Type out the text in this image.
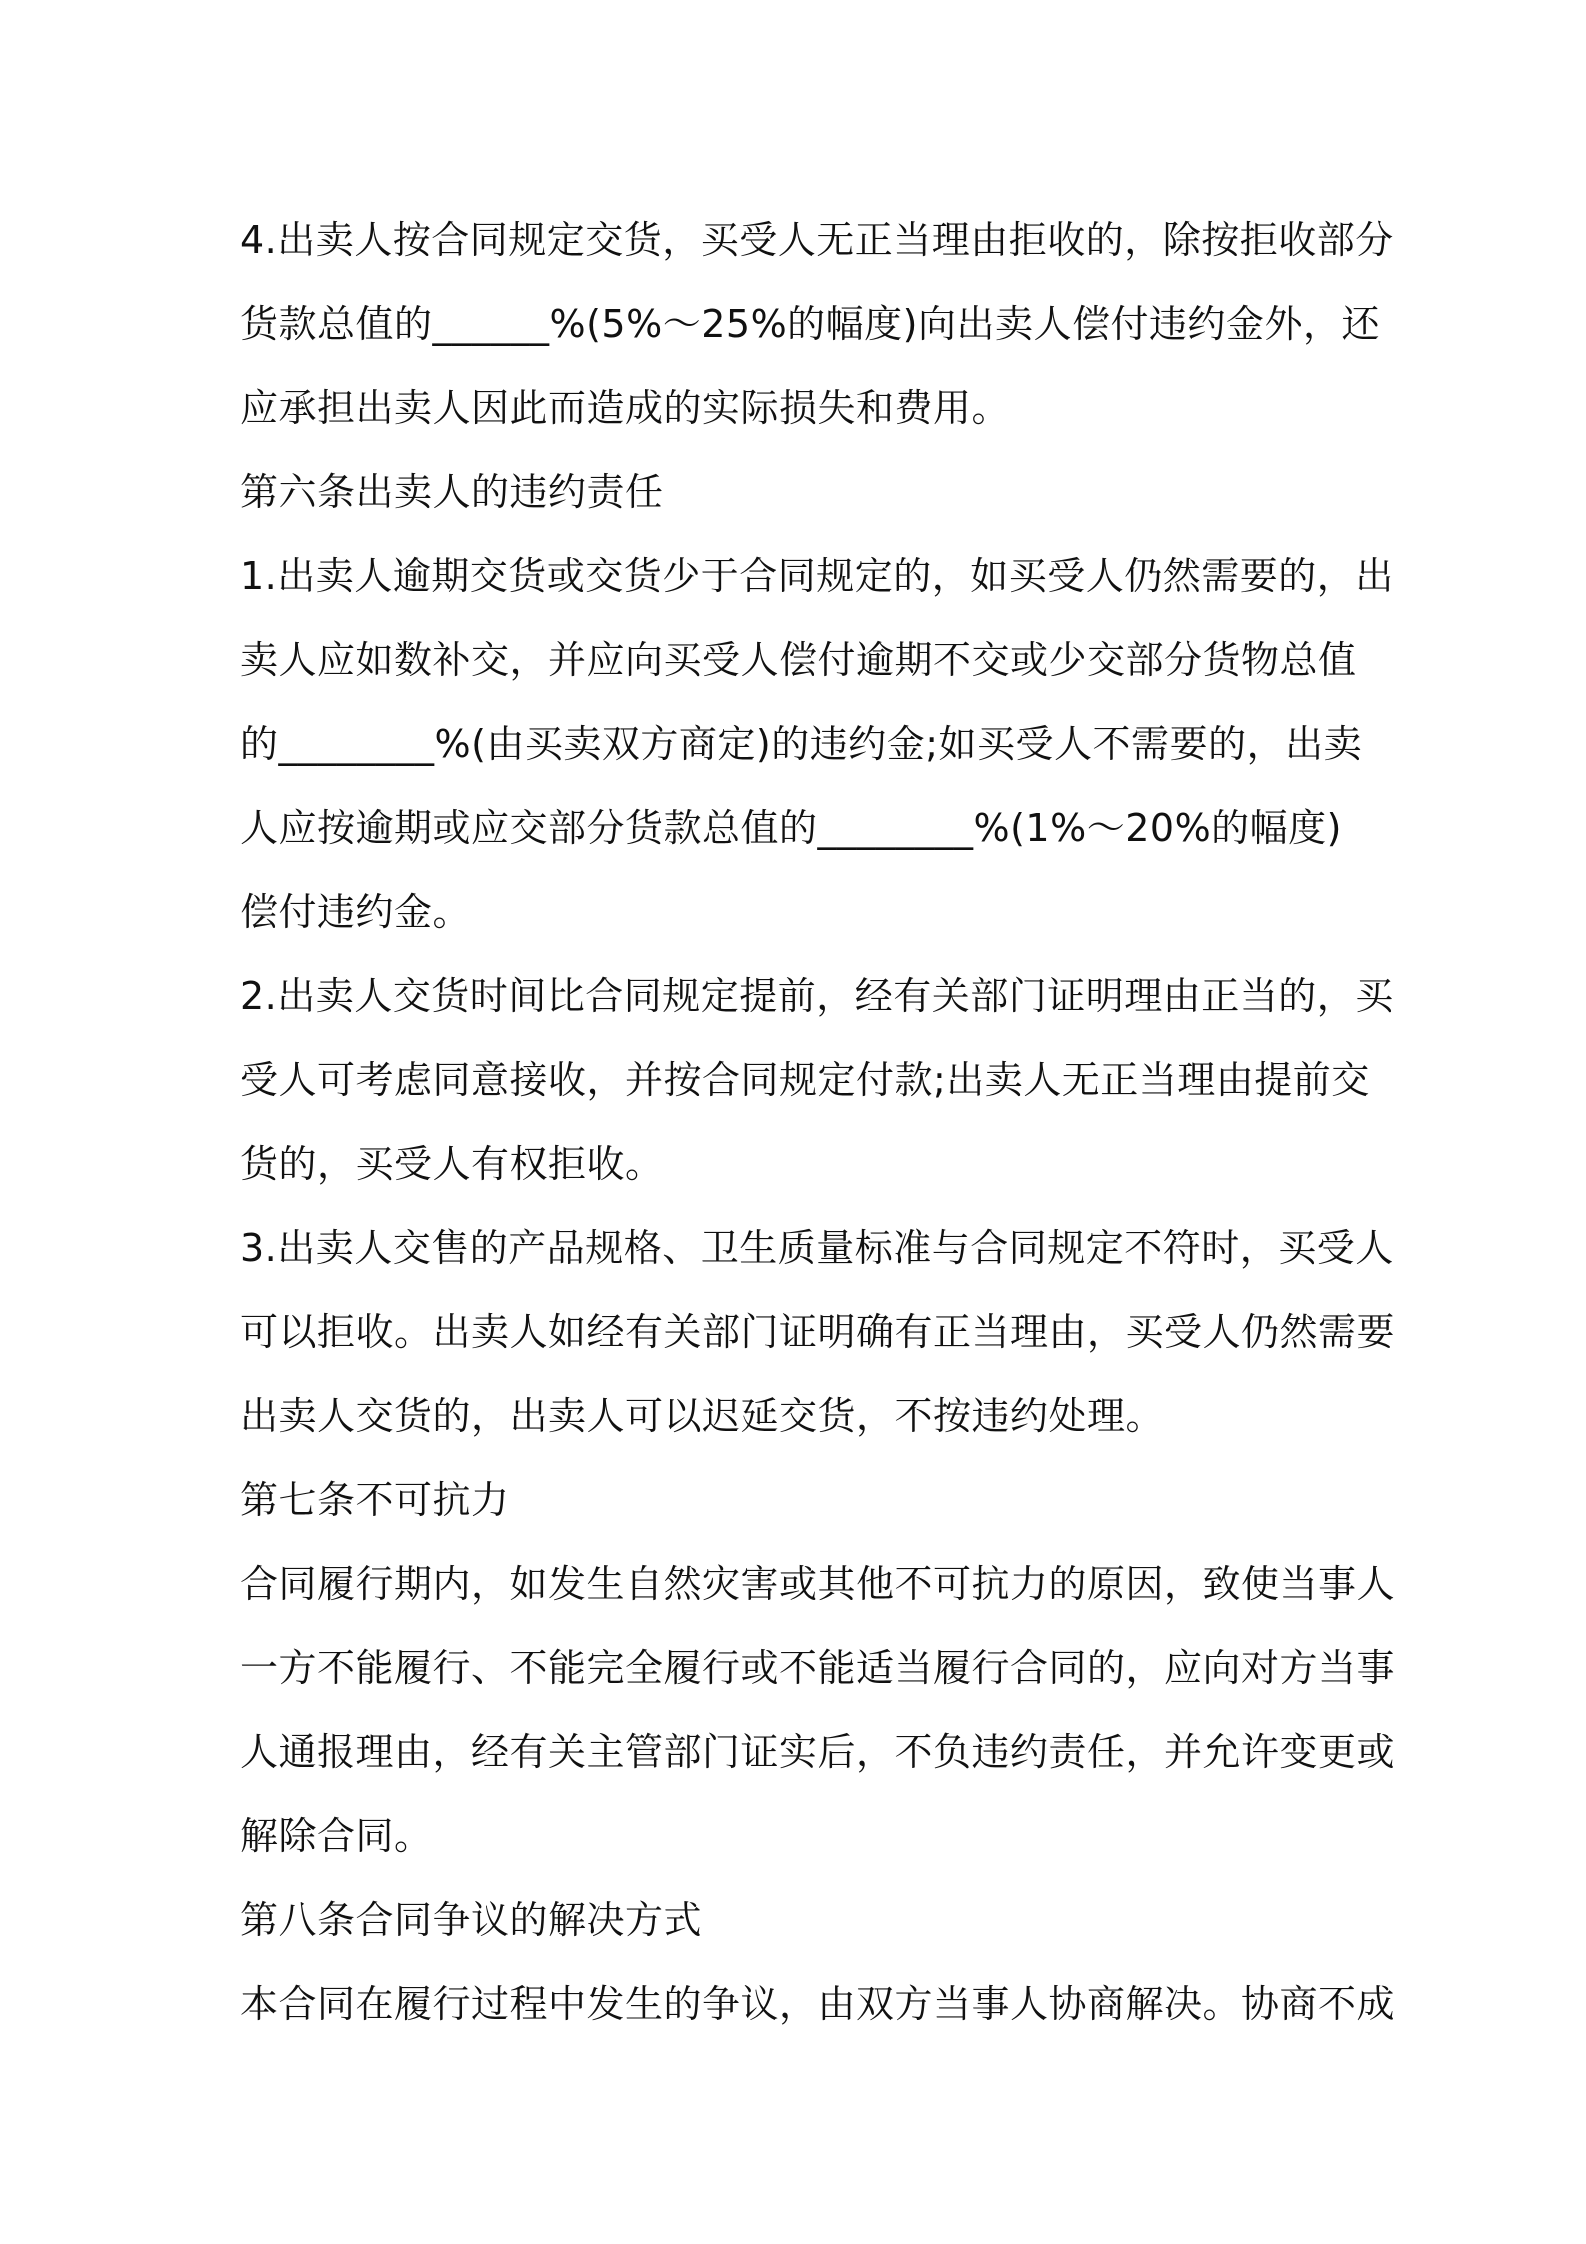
4.出卖人按合同规定交货，买受人无正当理由拒收的，除按拒收部分

货款总值的______%(5%～25%的幅度)向出卖人偿付违约金外，还

应承担出卖人因此而造成的实际损失和费用。

第六条出卖人的违约责任

1.出卖人逾期交货或交货少于合同规定的，如买受人仍然需要的，出

卖人应如数补交，并应向买受人偿付逾期不交或少交部分货物总值

的________%(由买卖双方商定)的违约金;如买受人不需要的，出卖

人应按逾期或应交部分货款总值的________%(1%～20%的幅度)

偿付违约金。

2.出卖人交货时间比合同规定提前，经有关部门证明理由正当的，买

受人可考虑同意接收，并按合同规定付款;出卖人无正当理由提前交

货的，买受人有权拒收。

3.出卖人交售的产品规格、卫生质量标准与合同规定不符时，买受人

可以拒收。出卖人如经有关部门证明确有正当理由，买受人仍然需要

出卖人交货的，出卖人可以迟延交货，不按违约处理。

第七条不可抗力

合同履行期内，如发生自然灾害或其他不可抗力的原因，致使当事人

一方不能履行、不能完全履行或不能适当履行合同的，应向对方当事

人通报理由，经有关主管部门证实后，不负违约责任，并允许变更或

解除合同。

第八条合同争议的解决方式

本合同在履行过程中发生的争议，由双方当事人协商解决。协商不成
